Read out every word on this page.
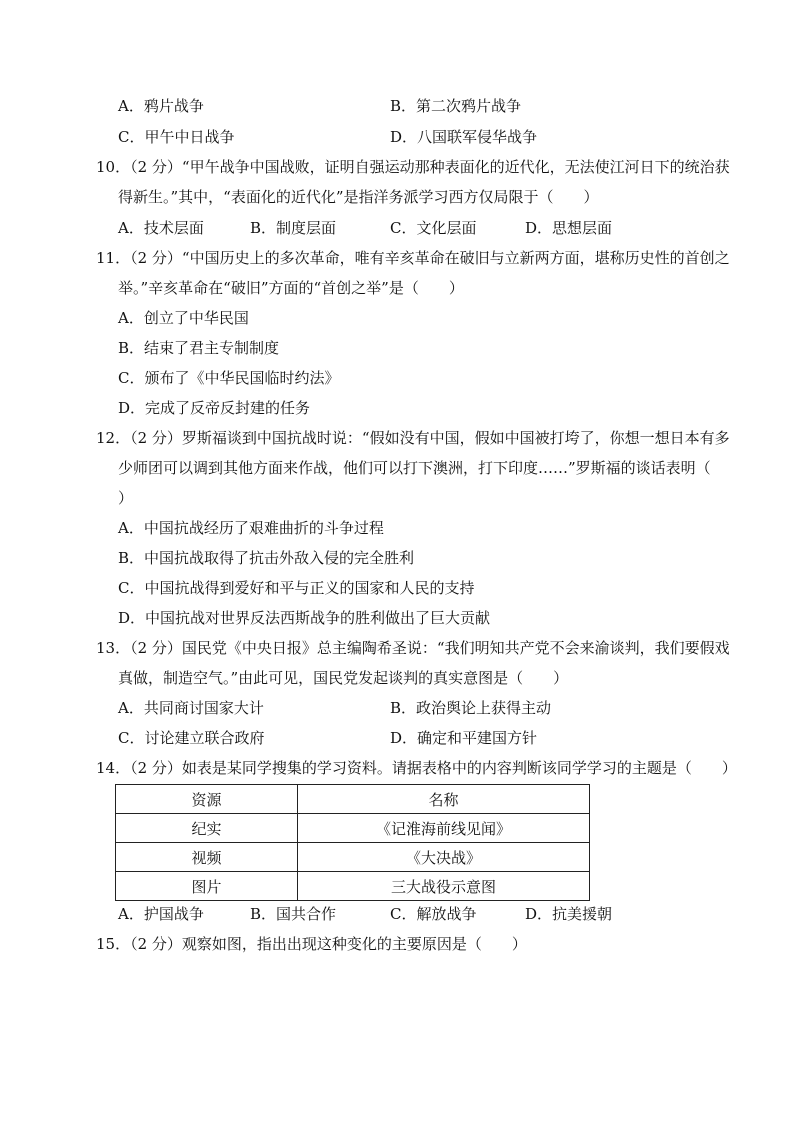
A．鸦片战争	B．第二次鸦片战争
C．甲午中日战争	D．八国联军侵华战争
10．（2 分）“甲午战争中国战败，证明自强运动那种表面化的近代化，无法使江河日下的统治获
得新生。”其中，“表面化的近代化”是指洋务派学习西方仅局限于（　　）
A．技术层面	B．制度层面	C．文化层面	D．思想层面
11．（2 分）“中国历史上的多次革命，唯有辛亥革命在破旧与立新两方面，堪称历史性的首创之
举。”辛亥革命在“破旧”方面的“首创之举”是（　　）
A．创立了中华民国
B．结束了君主专制制度
C．颁布了《中华民国临时约法》
D．完成了反帝反封建的任务
12．（2 分）罗斯福谈到中国抗战时说：“假如没有中国，假如中国被打垮了，你想一想日本有多
少师团可以调到其他方面来作战，他们可以打下澳洲，打下印度……”罗斯福的谈话表明（
）
A．中国抗战经历了艰难曲折的斗争过程
B．中国抗战取得了抗击外敌入侵的完全胜利
C．中国抗战得到爱好和平与正义的国家和人民的支持
D．中国抗战对世界反法西斯战争的胜利做出了巨大贡献
13．（2 分）国民党《中央日报》总主编陶希圣说：“我们明知共产党不会来渝谈判，我们要假戏
真做，制造空气。”由此可见，国民党发起谈判的真实意图是（　　）
A．共同商讨国家大计	B．政治舆论上获得主动
C．讨论建立联合政府	D．确定和平建国方针
14．（2 分）如表是某同学搜集的学习资料。请据表格中的内容判断该同学学习的主题是（　　）
资源	名称
纪实	《记淮海前线见闻》
视频	《大决战》
图片	三大战役示意图
A．护国战争	B．国共合作	C．解放战争	D．抗美援朝
15．（2 分）观察如图，指出出现这种变化的主要原因是（　　）
